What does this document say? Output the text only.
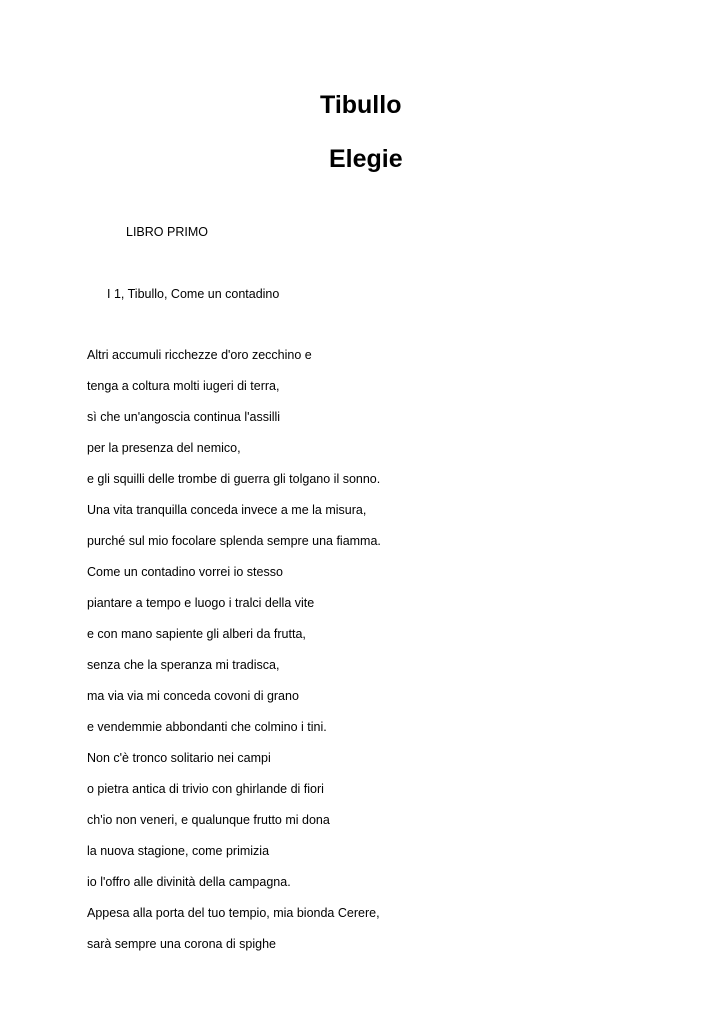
Tibullo
Elegie
LIBRO PRIMO
I 1, Tibullo, Come un contadino
Altri accumuli ricchezze d'oro zecchino e
tenga a coltura molti iugeri di terra,
sì che un'angoscia continua l'assilli
per la presenza del nemico,
e gli squilli delle trombe di guerra gli tolgano il sonno.
Una vita tranquilla conceda invece a me la misura,
purché sul mio focolare splenda sempre una fiamma.
Come un contadino vorrei io stesso
piantare a tempo e luogo i tralci della vite
e con mano sapiente gli alberi da frutta,
senza che la speranza mi tradisca,
ma via via mi conceda covoni di grano
e vendemmie abbondanti che colmino i tini.
Non c'è tronco solitario nei campi
o pietra antica di trivio con ghirlande di fiori
ch'io non veneri, e qualunque frutto mi dona
la nuova stagione, come primizia
io l'offro alle divinità della campagna.
Appesa alla porta del tuo tempio, mia bionda Cerere,
sarà sempre una corona di spighe
